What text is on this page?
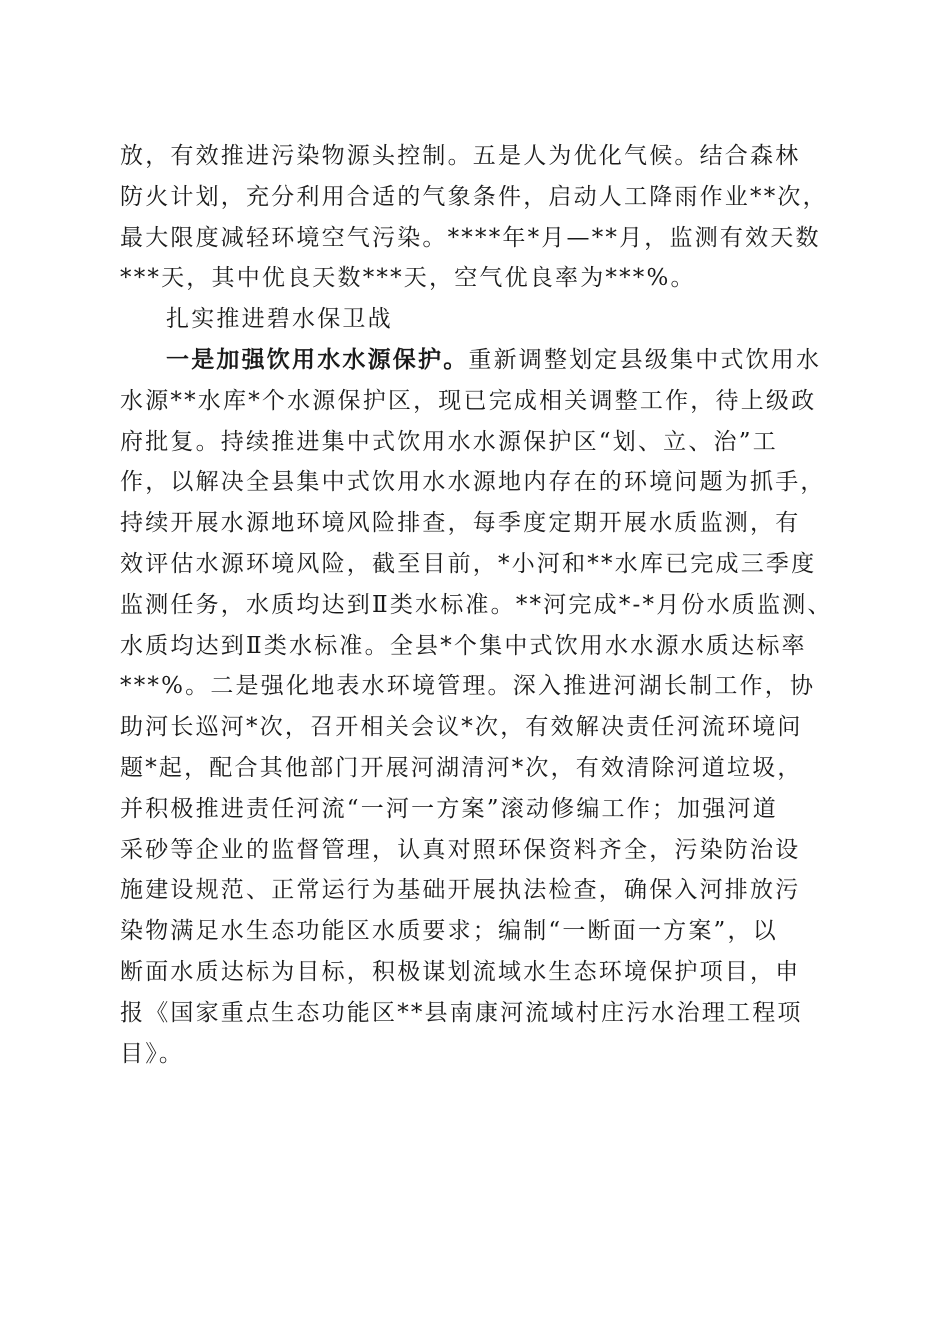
放，有效推进污染物源头控制。五是人为优化气候。结合森林
防火计划，充分利用合适的气象条件，启动人工降雨作业**次，
最大限度减轻环境空气污染。****年*月—**月，监测有效天数
***天，其中优良天数***天，空气优良率为***%。
扎实推进碧水保卫战
一是加强饮用水水源保护。重新调整划定县级集中式饮用水
水源**水库*个水源保护区，现已完成相关调整工作，待上级政
府批复。持续推进集中式饮用水水源保护区“划、立、治”工
作，以解决全县集中式饮用水水源地内存在的环境问题为抓手，
持续开展水源地环境风险排查，每季度定期开展水质监测，有
效评估水源环境风险，截至目前，*小河和**水库已完成三季度
监测任务，水质均达到Ⅱ类水标准。**河完成*-*月份水质监测、
水质均达到Ⅱ类水标准。全县*个集中式饮用水水源水质达标率
***%。二是强化地表水环境管理。深入推进河湖长制工作，协
助河长巡河*次，召开相关会议*次，有效解决责任河流环境问
题*起，配合其他部门开展河湖清河*次，有效清除河道垃圾，
并积极推进责任河流“一河一方案”滚动修编工作；加强河道
采砂等企业的监督管理，认真对照环保资料齐全，污染防治设
施建设规范、正常运行为基础开展执法检查，确保入河排放污
染物满足水生态功能区水质要求；编制“一断面一方案”，以
断面水质达标为目标，积极谋划流域水生态环境保护项目，申
报《国家重点生态功能区**县南康河流域村庄污水治理工程项
目》。
